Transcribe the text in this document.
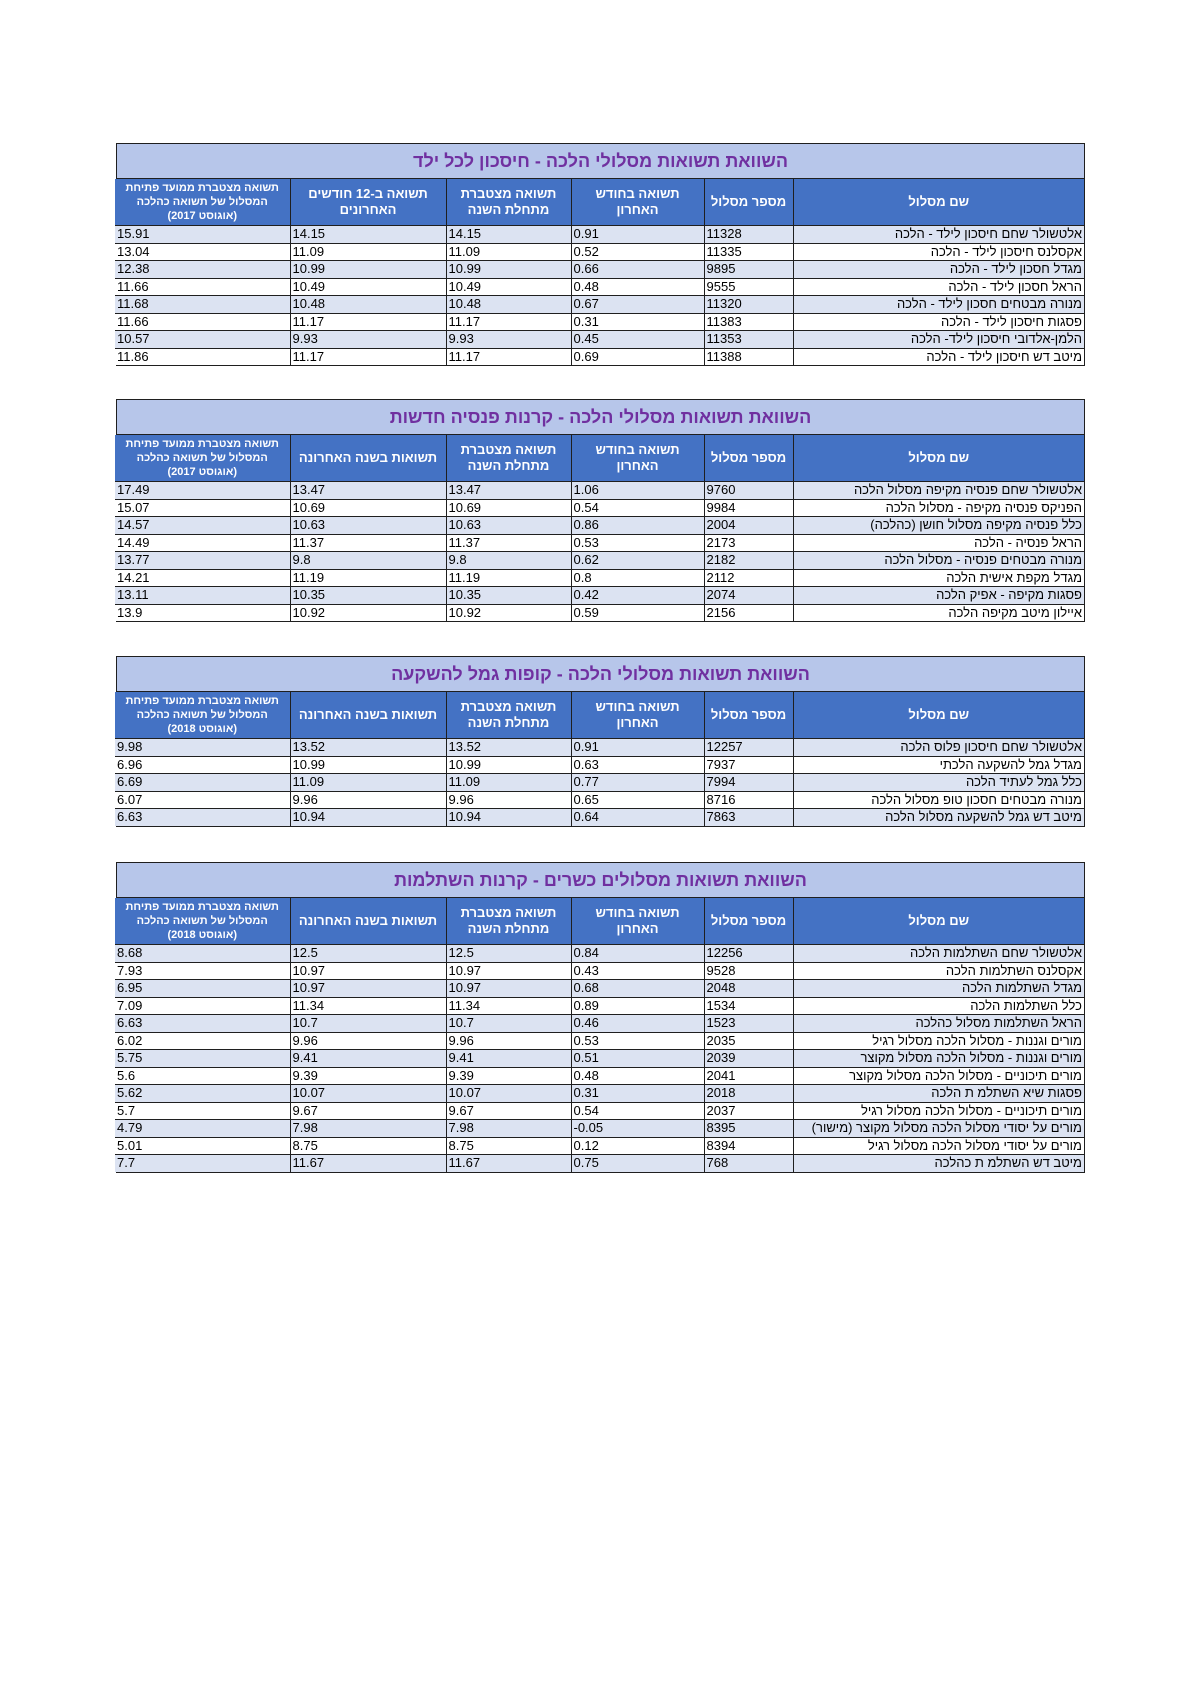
השוואת תשואות מסלולי הלכה - חיסכון לכל ילד
שם מסלול	מספר מסלול	תשואה בחודש האחרון	תשואה מצטברת מתחלת השנה	תשואה ב-12 חודשים האחרונים	תשואה מצטברת ממועד פתיחת המסלול של תשואה כהלכה (אוגוסט 2017)
אלטשולר שחם חיסכון לילד - הלכה	11328	0.91	14.15	14.15	15.91
אקסלנס חיסכון לילד - הלכה	11335	0.52	11.09	11.09	13.04
מגדל חסכון לילד - הלכה	9895	0.66	10.99	10.99	12.38
הראל חסכון לילד - הלכה	9555	0.48	10.49	10.49	11.66
מנורה מבטחים חסכון לילד - הלכה	11320	0.67	10.48	10.48	11.68
פסגות חיסכון לילד - הלכה	11383	0.31	11.17	11.17	11.66
הלמן-אלדובי חיסכון לילד- הלכה	11353	0.45	9.93	9.93	10.57
מיטב דש חיסכון לילד - הלכה	11388	0.69	11.17	11.17	11.86
השוואת תשואות מסלולי הלכה - קרנות פנסיה חדשות
שם מסלול	מספר מסלול	תשואה בחודש האחרון	תשואה מצטברת מתחלת השנה	תשואות בשנה האחרונה	תשואה מצטברת ממועד פתיחת המסלול של תשואה כהלכה (אוגוסט 2017)
אלטשולר שחם פנסיה מקיפה מסלול הלכה	9760	1.06	13.47	13.47	17.49
הפניקס פנסיה מקיפה - מסלול הלכה	9984	0.54	10.69	10.69	15.07
כלל פנסיה מקיפה מסלול חושן (כהלכה)	2004	0.86	10.63	10.63	14.57
הראל פנסיה - הלכה	2173	0.53	11.37	11.37	14.49
מנורה מבטחים פנסיה - מסלול הלכה	2182	0.62	9.8	9.8	13.77
מגדל מקפת אישית הלכה	2112	0.8	11.19	11.19	14.21
פסגות מקיפה - אפיק הלכה	2074	0.42	10.35	10.35	13.11
איילון מיטב מקיפה הלכה	2156	0.59	10.92	10.92	13.9
השוואת תשואות מסלולי הלכה - קופות גמל להשקעה
שם מסלול	מספר מסלול	תשואה בחודש האחרון	תשואה מצטברת מתחלת השנה	תשואות בשנה האחרונה	תשואה מצטברת ממועד פתיחת המסלול של תשואה כהלכה (אוגוסט 2018)
אלטשולר שחם חיסכון פלוס הלכה	12257	0.91	13.52	13.52	9.98
מגדל גמל להשקעה הלכתי	7937	0.63	10.99	10.99	6.96
כלל גמל לעתיד הלכה	7994	0.77	11.09	11.09	6.69
מנורה מבטחים חסכון טופ מסלול הלכה	8716	0.65	9.96	9.96	6.07
מיטב דש גמל להשקעה מסלול הלכה	7863	0.64	10.94	10.94	6.63
השוואת תשואות מסלולים כשרים - קרנות השתלמות
שם מסלול	מספר מסלול	תשואה בחודש האחרון	תשואה מצטברת מתחלת השנה	תשואות בשנה האחרונה	תשואה מצטברת ממועד פתיחת המסלול של תשואה כהלכה (אוגוסט 2018)
אלטשולר שחם השתלמות הלכה	12256	0.84	12.5	12.5	8.68
אקסלנס השתלמות הלכה	9528	0.43	10.97	10.97	7.93
מגדל השתלמות הלכה	2048	0.68	10.97	10.97	6.95
כלל השתלמות הלכה	1534	0.89	11.34	11.34	7.09
הראל השתלמות מסלול כהלכה	1523	0.46	10.7	10.7	6.63
מורים וגננות - מסלול הלכה מסלול רגיל	2035	0.53	9.96	9.96	6.02
מורים וגננות - מסלול הלכה מסלול מקוצר	2039	0.51	9.41	9.41	5.75
מורים תיכוניים - מסלול הלכה מסלול מקוצר	2041	0.48	9.39	9.39	5.6
פסגות שיא השתלמ ת הלכה	2018	0.31	10.07	10.07	5.62
מורים תיכוניים - מסלול הלכה מסלול רגיל	2037	0.54	9.67	9.67	5.7
מורים על יסודי מסלול הלכה מסלול מקוצר (מישור)	8395	-0.05	7.98	7.98	4.79
מורים על יסודי מסלול הלכה מסלול רגיל	8394	0.12	8.75	8.75	5.01
מיטב דש השתלמ ת כהלכה	768	0.75	11.67	11.67	7.7
